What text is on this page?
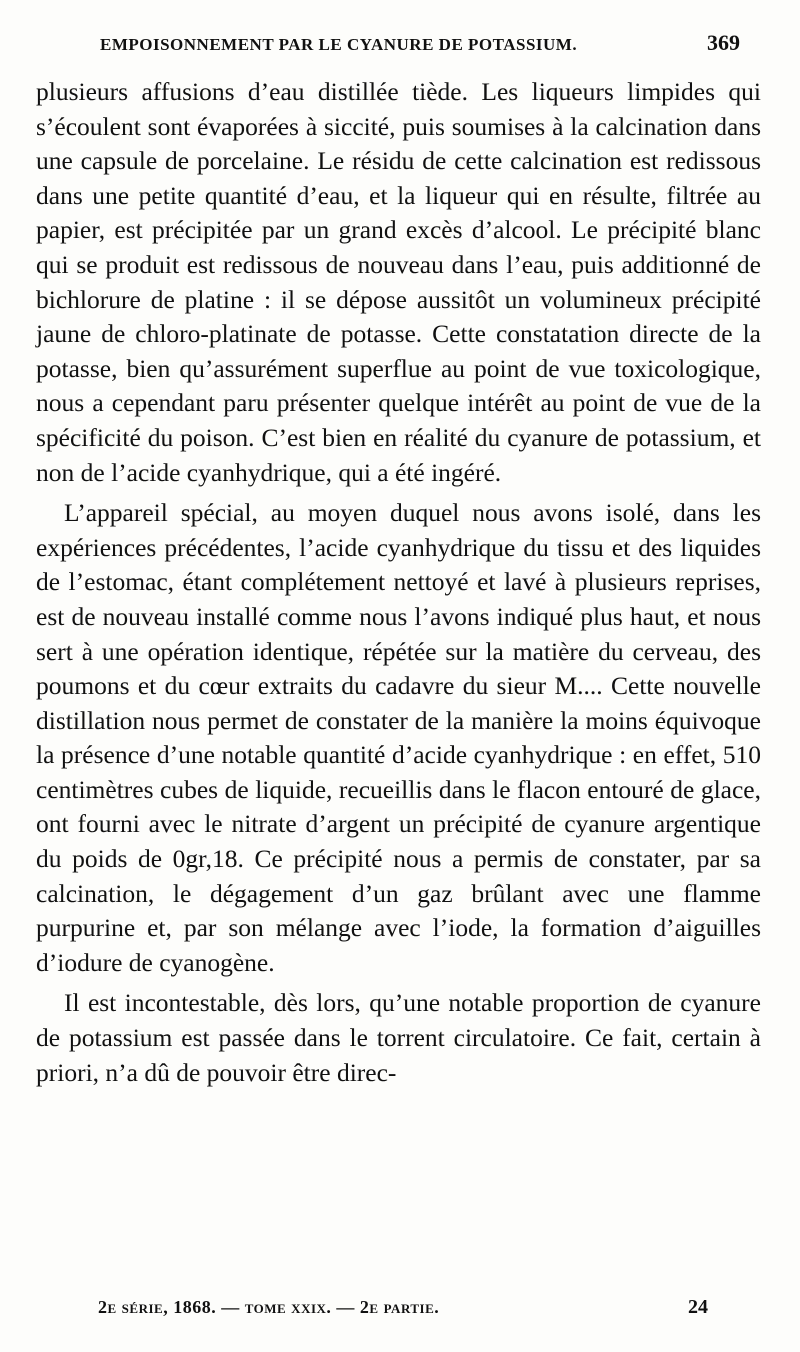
EMPOISONNEMENT PAR LE CYANURE DE POTASSIUM.	369

plusieurs affusions d’eau distillée tiède. Les liqueurs limpides qui s’écoulent sont évaporées à siccité, puis soumises à la calcination dans une capsule de porcelaine. Le résidu de cette calcination est redissous dans une petite quantité d’eau, et la liqueur qui en résulte, filtrée au papier, est précipitée par un grand excès d’alcool. Le précipité blanc qui se produit est redissous de nouveau dans l’eau, puis additionné de bichlorure de platine : il se dépose aussitôt un volumineux précipité jaune de chloro-platinate de potasse. Cette constatation directe de la potasse, bien qu’assurément superflue au point de vue toxicologique, nous a cependant paru présenter quelque intérêt au point de vue de la spécificité du poison. C’est bien en réalité du cyanure de potassium, et non de l’acide cyanhydrique, qui a été ingéré.

L’appareil spécial, au moyen duquel nous avons isolé, dans les expériences précédentes, l’acide cyanhydrique du tissu et des liquides de l’estomac, étant complétement nettoyé et lavé à plusieurs reprises, est de nouveau installé comme nous l’avons indiqué plus haut, et nous sert à une opération identique, répétée sur la matière du cerveau, des poumons et du cœur extraits du cadavre du sieur M.... Cette nouvelle distillation nous permet de constater de la manière la moins équivoque la présence d’une notable quantité d’acide cyanhydrique : en effet, 510 centimètres cubes de liquide, recueillis dans le flacon entouré de glace, ont fourni avec le nitrate d’argent un précipité de cyanure argentique du poids de 0gr,18. Ce précipité nous a permis de constater, par sa calcination, le dégagement d’un gaz brûlant avec une flamme purpurine et, par son mélange avec l’iode, la formation d’aiguilles d’iodure de cyanogène.

Il est incontestable, dès lors, qu’une notable proportion de cyanure de potassium est passée dans le torrent circulatoire. Ce fait, certain à priori, n’a dû de pouvoir être direc-

2e série, 1868. — tome xxix. — 2e partie.	24
